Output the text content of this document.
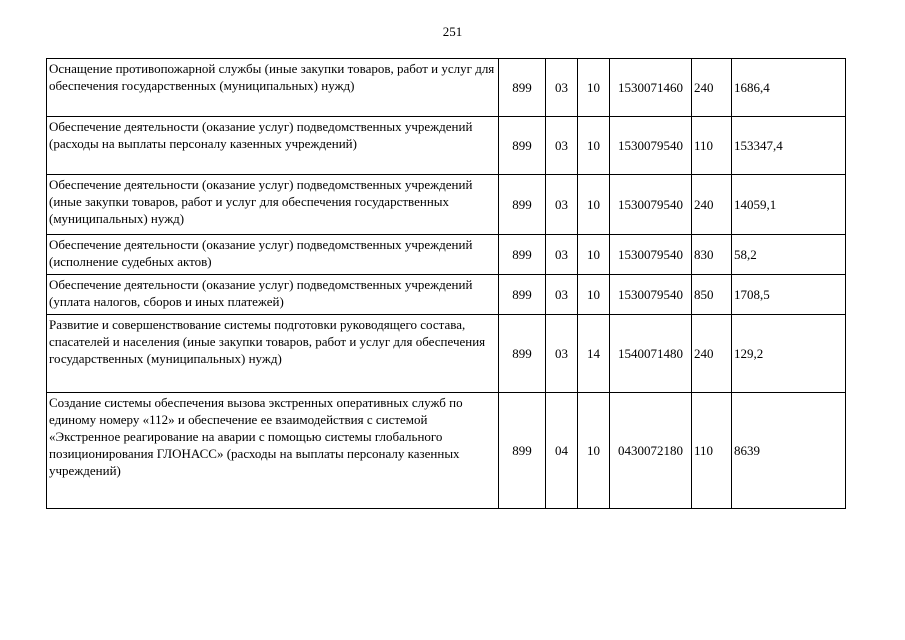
251
Оснащение противопожарной службы (иные закупки товаров, работ и услуг для обеспечения государственных (муниципальных) нужд)	899	03	10	1530071460	240	1686,4
Обеспечение деятельности (оказание услуг) подведомственных учреждений (расходы на выплаты персоналу казенных учреждений)	899	03	10	1530079540	110	153347,4
Обеспечение деятельности (оказание услуг) подведомственных учреждений (иные закупки товаров, работ и услуг для обеспечения государственных (муниципальных) нужд)	899	03	10	1530079540	240	14059,1
Обеспечение деятельности (оказание услуг) подведомственных учреждений (исполнение судебных актов)	899	03	10	1530079540	830	58,2
Обеспечение деятельности (оказание услуг) подведомственных учреждений (уплата налогов, сборов и иных платежей)	899	03	10	1530079540	850	1708,5
Развитие и совершенствование системы подготовки руководящего состава, спасателей и населения (иные закупки товаров, работ и услуг для обеспечения государственных (муниципальных) нужд)	899	03	14	1540071480	240	129,2
Создание системы обеспечения вызова экстренных оперативных служб по единому номеру «112» и обеспечение ее взаимодействия с системой «Экстренное реагирование на аварии с помощью системы глобального позиционирования ГЛОНАСС» (расходы на выплаты персоналу казенных учреждений)	899	04	10	0430072180	110	8639
